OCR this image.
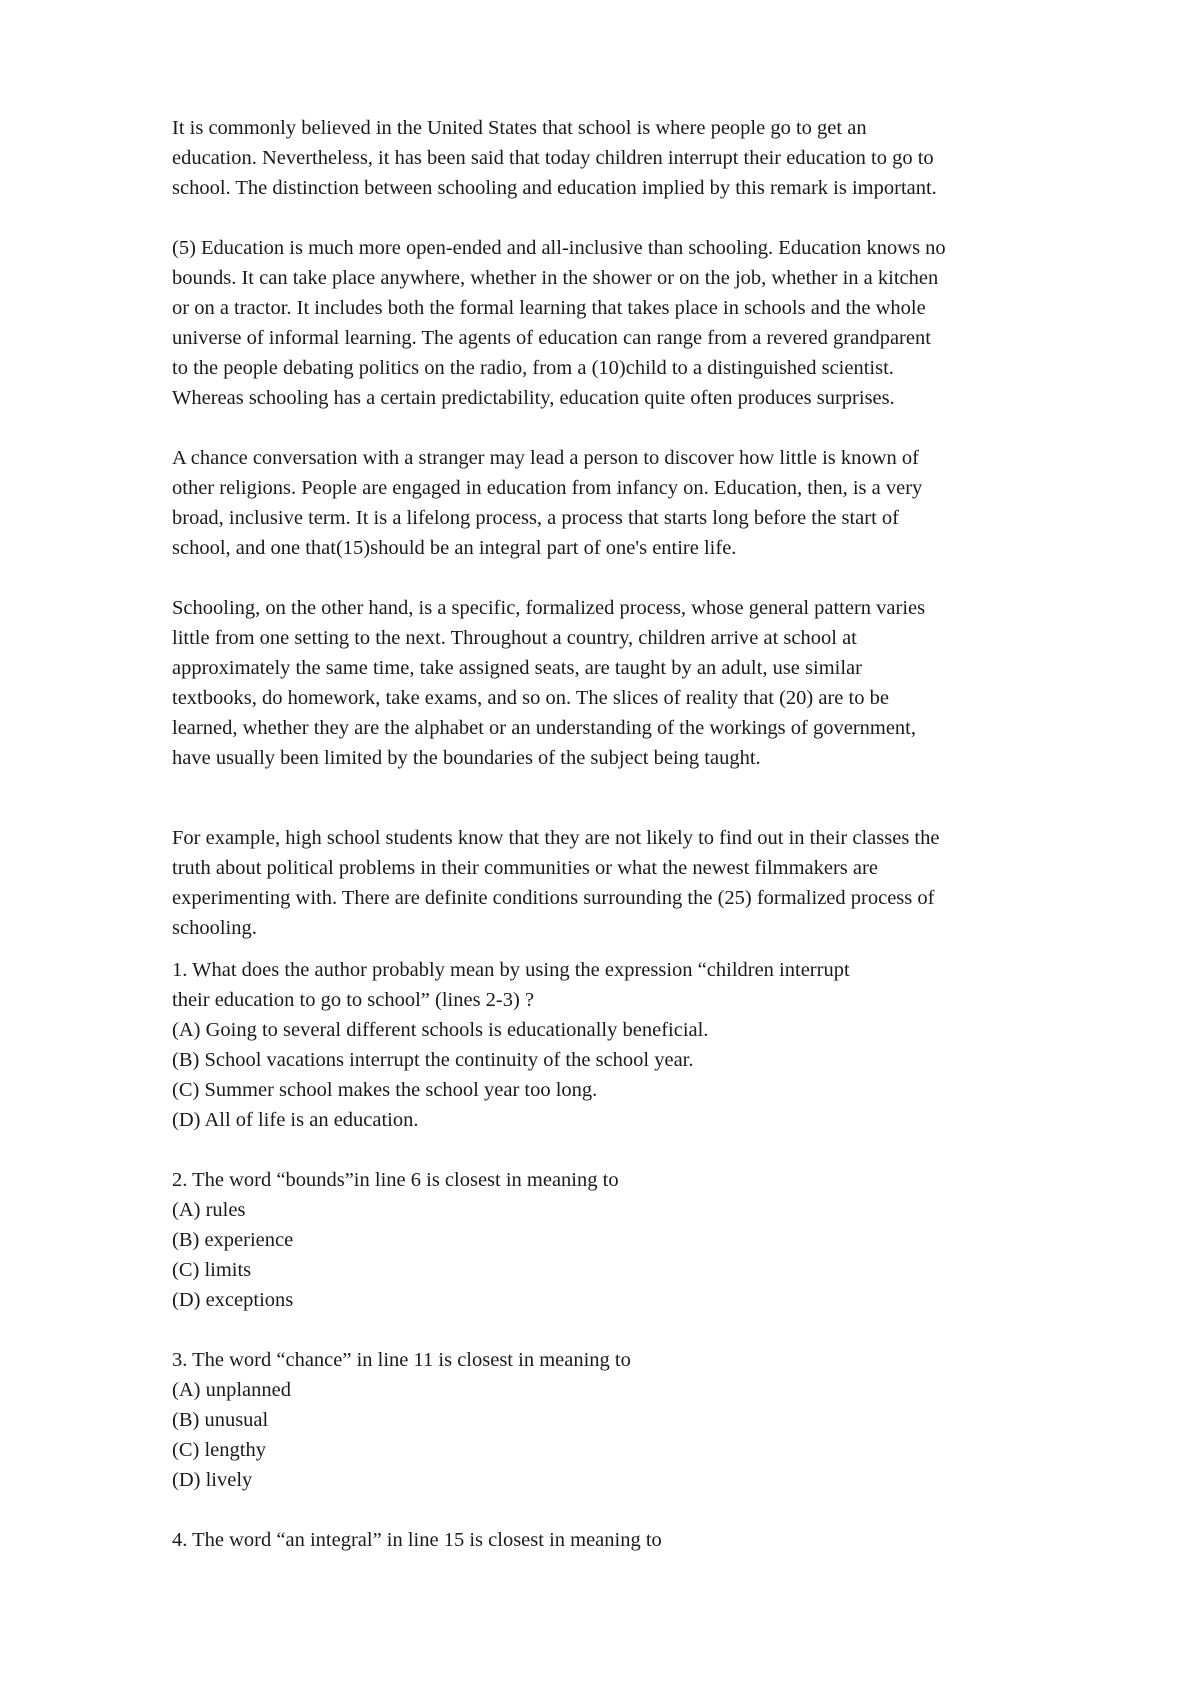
It is commonly believed in the United States that school is where people go to get an
education. Nevertheless, it has been said that today children interrupt their education to go to
school. The distinction between schooling and education implied by this remark is important.

(5) Education is much more open-ended and all-inclusive than schooling. Education knows no
bounds. It can take place anywhere, whether in the shower or on the job, whether in a kitchen
or on a tractor. It includes both the formal learning that takes place in schools and the whole
universe of informal learning. The agents of education can range from a revered grandparent
to the people debating politics on the radio, from a (10)child to a distinguished scientist.
Whereas schooling has a certain predictability, education quite often produces surprises.

A chance conversation with a stranger may lead a person to discover how little is known of
other religions. People are engaged in education from infancy on. Education, then, is a very
broad, inclusive term. It is a lifelong process, a process that starts long before the start of
school, and one that(15)should be an integral part of one's entire life.

Schooling, on the other hand, is a specific, formalized process, whose general pattern varies
little from one setting to the next. Throughout a country, children arrive at school at
approximately the same time, take assigned seats, are taught by an adult, use similar
textbooks, do homework, take exams, and so on. The slices of reality that (20) are to be
learned, whether they are the alphabet or an understanding of the workings of government,
have usually been limited by the boundaries of the subject being taught.

For example, high school students know that they are not likely to find out in their classes the
truth about political problems in their communities or what the newest filmmakers are
experimenting with. There are definite conditions surrounding the (25) formalized process of
schooling.

1. What does the author probably mean by using the expression “children interrupt
their education to go to school” (lines 2-3) ?
(A) Going to several different schools is educationally beneficial.
(B) School vacations interrupt the continuity of the school year.
(C) Summer school makes the school year too long.
(D) All of life is an education.
2. The word “bounds”in line 6 is closest in meaning to
(A) rules
(B) experience
(C) limits
(D) exceptions
3. The word “chance” in line 11 is closest in meaning to
(A) unplanned
(B) unusual
(C) lengthy
(D) lively
4. The word “an integral” in line 15 is closest in meaning to
